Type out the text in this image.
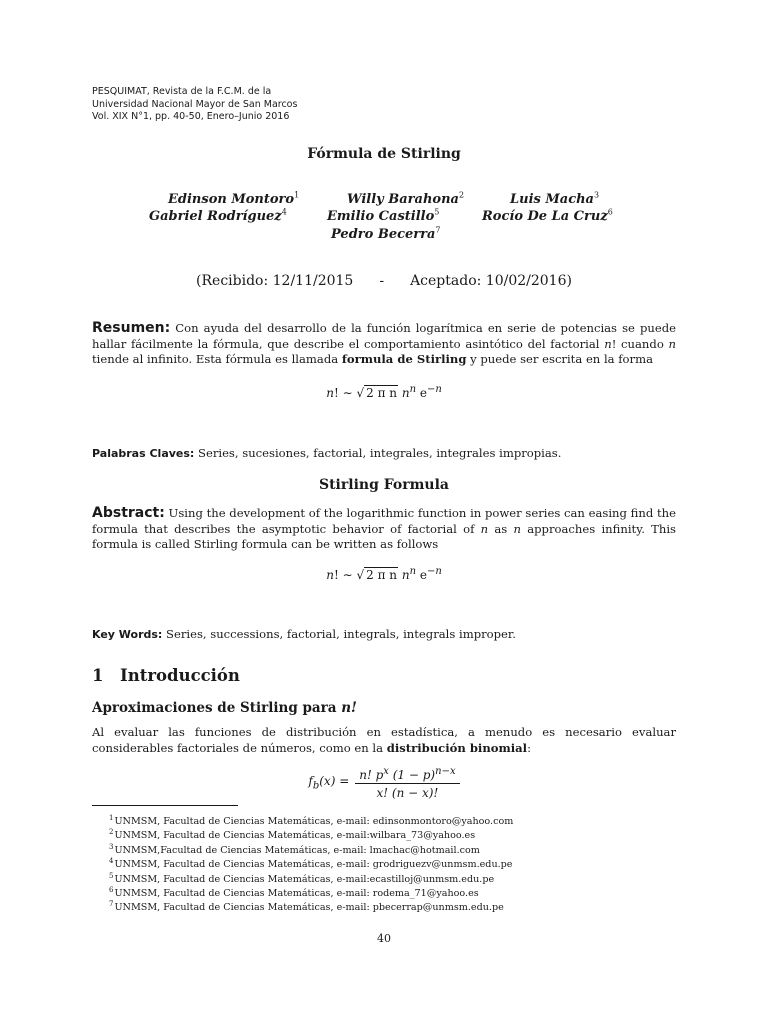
PESQUIMAT, Revista de la F.C.M. de la
Universidad Nacional Mayor de San Marcos
Vol. XIX N°1, pp. 40-50, Enero–Junio 2016
Fórmula de Stirling
Edinson Montoro$^1$	Willy Barahona$^2$	Luis Macha$^3$
Gabriel Rodríguez$^4$	Emilio Castillo$^5$	Rocío De La Cruz$^6$
Pedro Becerra$^7$
(Recibido: 12/11/2015 - Aceptado: 10/02/2016)
Resumen: Con ayuda del desarrollo de la función logarítmica en serie de potencias se puede hallar fácilmente la fórmula, que describe el comportamiento asintótico del factorial n! cuando n tiende al infinito. Esta fórmula es llamada formula de Stirling y puede ser escrita en la forma
n! ∼ √ 2 π n $n^n$ $e^{-n}$
Palabras Claves: Series, sucesiones, factorial, integrales, integrales impropias.
Stirling Formula
Abstract: Using the development of the logarithmic function in power series can easing find the formula that describes the asymptotic behavior of factorial of n as n approaches infinity. This formula is called Stirling formula can be written as follows
n! ∼ √ 2 π n $n^n$ $e^{-n}$
Key Words: Series, successions, factorial, integrals, integrals improper.
1 Introducción
Aproximaciones de Stirling para n!
Al evaluar las funciones de distribución en estadística, a menudo es necesario evaluar considerables factoriales de números, como en la distribución binomial:
$f_b(x) = \frac{n! p^x (1 - p)^{n-x}}{x! (n - x)!}$
$^1$UNMSM, Facultad de Ciencias Matemáticas, e-mail: edinsonmontoro@yahoo.com
$^2$UNMSM, Facultad de Ciencias Matemáticas, e-mail:wilbara_73@yahoo.es
$^3$UNMSM,Facultad de Ciencias Matemáticas, e-mail: lmachac@hotmail.com
$^4$UNMSM, Facultad de Ciencias Matemáticas, e-mail: grodriguezv@unmsm.edu.pe
$^5$UNMSM, Facultad de Ciencias Matemáticas, e-mail:ecastilloj@unmsm.edu.pe
$^6$UNMSM, Facultad de Ciencias Matemáticas, e-mail: rodema_71@yahoo.es
$^7$UNMSM, Facultad de Ciencias Matemáticas, e-mail: pbecerrap@unmsm.edu.pe
40
